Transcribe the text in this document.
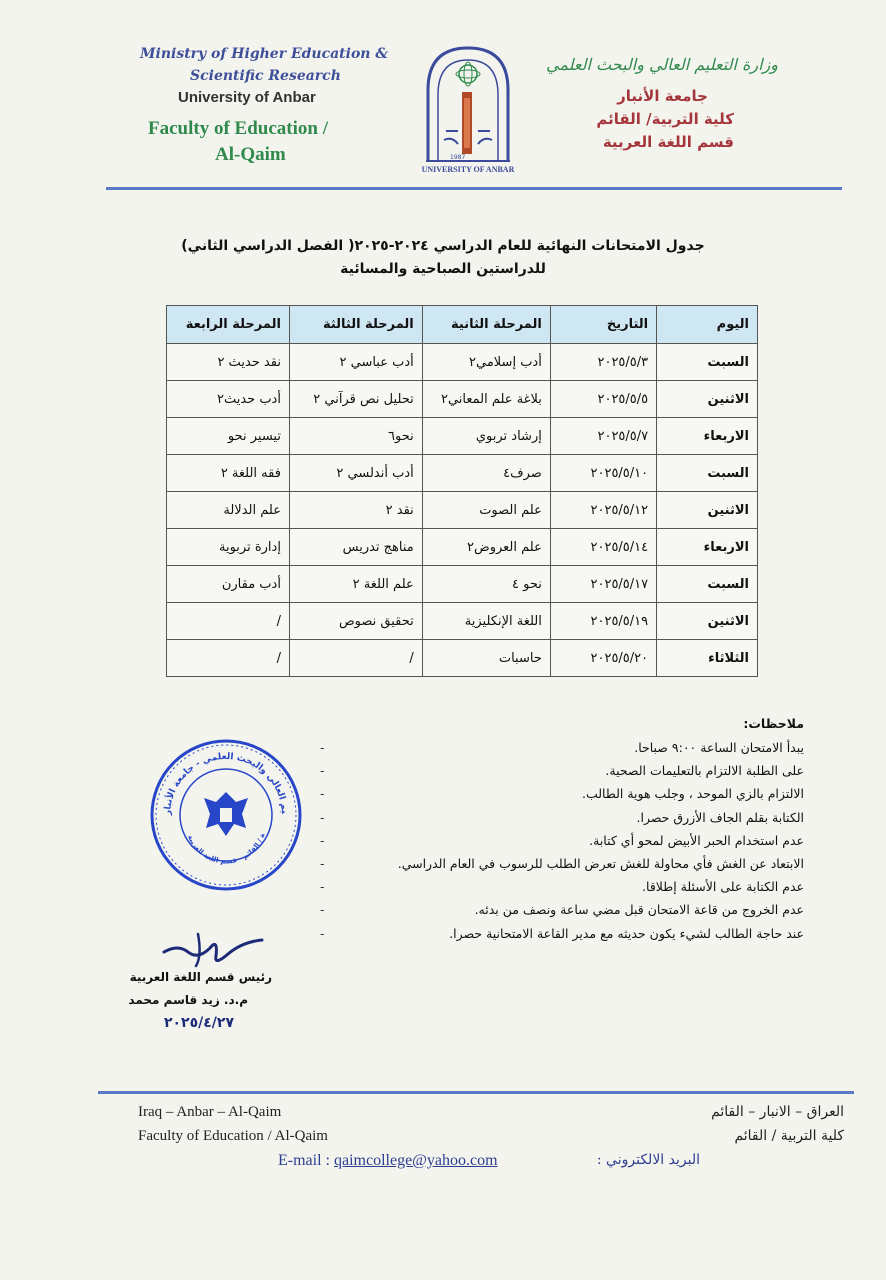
Ministry of Higher Education &
Scientific Research
University of Anbar
Faculty of Education /
Al-Qaim	1987
UNIVERSITY OF ANBAR
وزارة التعليم العالي والبحث العلمي
جامعة الأنبار
كلية التربية/ القائم
قسم اللغة العربية
جدول الامتحانات النهائية للعام الدراسي ٢٠٢٤-٢٠٢٥( الفصل الدراسي الثاني)
للدراستين الصباحية والمسائية
اليوم	التاريخ	المرحلة الثانية	المرحلة الثالثة	المرحلة الرابعة
السبت	٢٠٢٥/٥/٣	أدب إسلامي٢	أدب عباسي ٢	نقد حديث ٢
الاثنين	٢٠٢٥/٥/٥	بلاغة علم المعاني٢	تحليل نص قرآني ٢	أدب حديث٢
الاربعاء	٢٠٢٥/٥/٧	إرشاد تربوي	نحو٦	تيسير نحو
السبت	٢٠٢٥/٥/١٠	صرف٤	أدب أندلسي ٢	فقه اللغة ٢
الاثنين	٢٠٢٥/٥/١٢	علم الصوت	نقد ٢	علم الدلالة
الاربعاء	٢٠٢٥/٥/١٤	علم العروض٢	مناهج تدريس	إدارة تربوية
السبت	٢٠٢٥/٥/١٧	نحو ٤	علم اللغة ٢	أدب مقارن
الاثنين	٢٠٢٥/٥/١٩	اللغة الإنكليزية	تحقيق نصوص	/
الثلاثاء	٢٠٢٥/٥/٢٠	حاسبات	/	/
ملاحظات:
يبدأ الامتحان الساعة ٩:٠٠ صباحا.
-
على الطلبة الالتزام بالتعليمات الصحية.
-
الالتزام بالزي الموحد ، وجلب هوية الطالب.
-
الكتابة بقلم الجاف الأزرق حصرا.
-
عدم استخدام الحبر الأبيض لمحو أي كتابة.
-
الابتعاد عن الغش فأي محاولة للغش تعرض الطلب للرسوب في العام الدراسي.
-
عدم الكتابة على الأسئلة إطلاقا.
-
عدم الخروج من قاعة الامتحان قبل مضي ساعة ونصف من بدئه.
-
عند حاجة الطالب لشيء يكون حديثه مع مدير القاعة الامتحانية حصرا.
-
يم العالي والبحث العلمي - جامعة الأنبار
ة / القائم - قسم اللغة العربية
رئيس قسم اللغة العربية
م.د. زيد قاسم محمد
٢٠٢٥/٤/٢٧
Iraq – Anbar – Al-Qaim
Faculty of Education / Al-Qaim
E-mail : qaimcollege@yahoo.com
العراق – الانبار – القائم
كلية التربية / القائم
البريد الالكتروني :
